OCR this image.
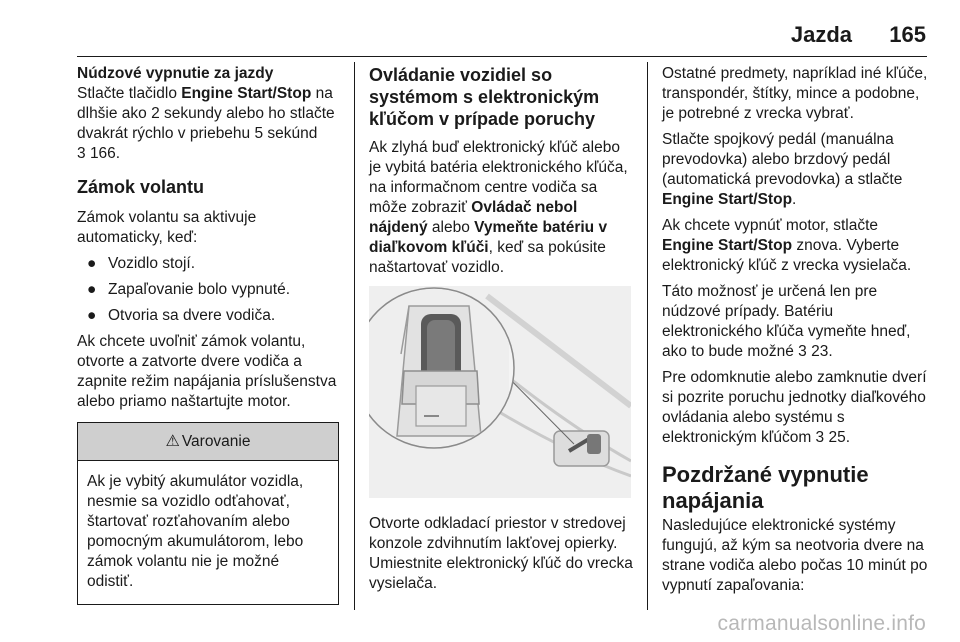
Jazda 165
Núdzové vypnutie za jazdy

Stlačte tlačidlo Engine Start/Stop na dlhšie ako 2 sekundy alebo ho stlačte dvakrát rýchlo v priebehu 5 sekúnd
3 166.

Zámok volantu

Zámok volantu sa aktivuje automaticky, keď:

● Vozidlo stojí.
● Zapaľovanie bolo vypnuté.
● Otvoria sa dvere vodiča.

Ak chcete uvoľniť zámok volantu, otvorte a zatvorte dvere vodiča a zapnite režim napájania príslušenstva alebo priamo naštartujte motor.

⚠ Varovanie
Ak je vybitý akumulátor vozidla, nesmie sa vozidlo odťahovať, štartovať rozťahovaním alebo pomocným akumulátorom, lebo zámok volantu nie je možné odistiť.
Ovládanie vozidiel so systémom s elektronickým kľúčom v prípade poruchy

Ak zlyhá buď elektronický kľúč alebo je vybitá batéria elektronického kľúča, na informačnom centre vodiča sa môže zobraziť Ovládač nebol nájdený alebo Vymeňte batériu v diaľkovom kľúči, keď sa pokúsite naštartovať vozidlo.

Otvorte odkladací priestor v stredovej konzole zdvihnutím lakťovej opierky. Umiestnite elektronický kľúč do vrecka vysielača.

Ostatné predmety, napríklad iné kľúče, transpondér, štítky, mince a podobne, je potrebné z vrecka vybrať.

Stlačte spojkový pedál (manuálna prevodovka) alebo brzdový pedál (automatická prevodovka) a stlačte Engine Start/Stop.

Ak chcete vypnúť motor, stlačte Engine Start/Stop znova. Vyberte elektronický kľúč z vrecka vysielača.

Táto možnosť je určená len pre núdzové prípady. Batériu elektronického kľúča vymeňte hneď, ako to bude možné 3 23.

Pre odomknutie alebo zamknutie dverí si pozrite poruchu jednotky diaľkového ovládania alebo systému s elektronickým kľúčom 3 25.

Pozdržané vypnutie napájania

Nasledujúce elektronické systémy fungujú, až kým sa neotvoria dvere na strane vodiča alebo počas 10 minút po vypnutí zapaľovania:

carmanualsonline.info
